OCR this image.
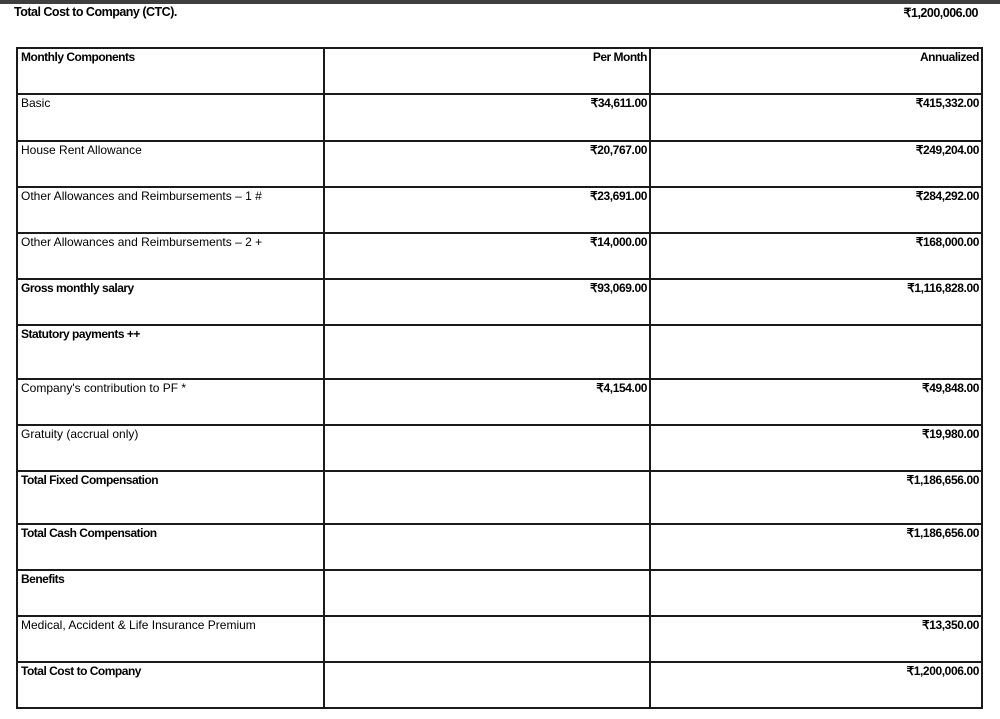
Total Cost to Company (CTC).	₹1,200,006.00
Monthly Components	Per Month	Annualized
Basic	₹34,611.00	₹415,332.00
House Rent Allowance	₹20,767.00	₹249,204.00
Other Allowances and Reimbursements – 1 #	₹23,691.00	₹284,292.00
Other Allowances and Reimbursements – 2 +	₹14,000.00	₹168,000.00
Gross monthly salary	₹93,069.00	₹1,116,828.00
Statutory payments ++		
Company's contribution to PF *	₹4,154.00	₹49,848.00
Gratuity (accrual only)		₹19,980.00
Total Fixed Compensation		₹1,186,656.00
Total Cash Compensation		₹1,186,656.00
Benefits		
Medical, Accident & Life Insurance Premium		₹13,350.00
Total Cost to Company		₹1,200,006.00
